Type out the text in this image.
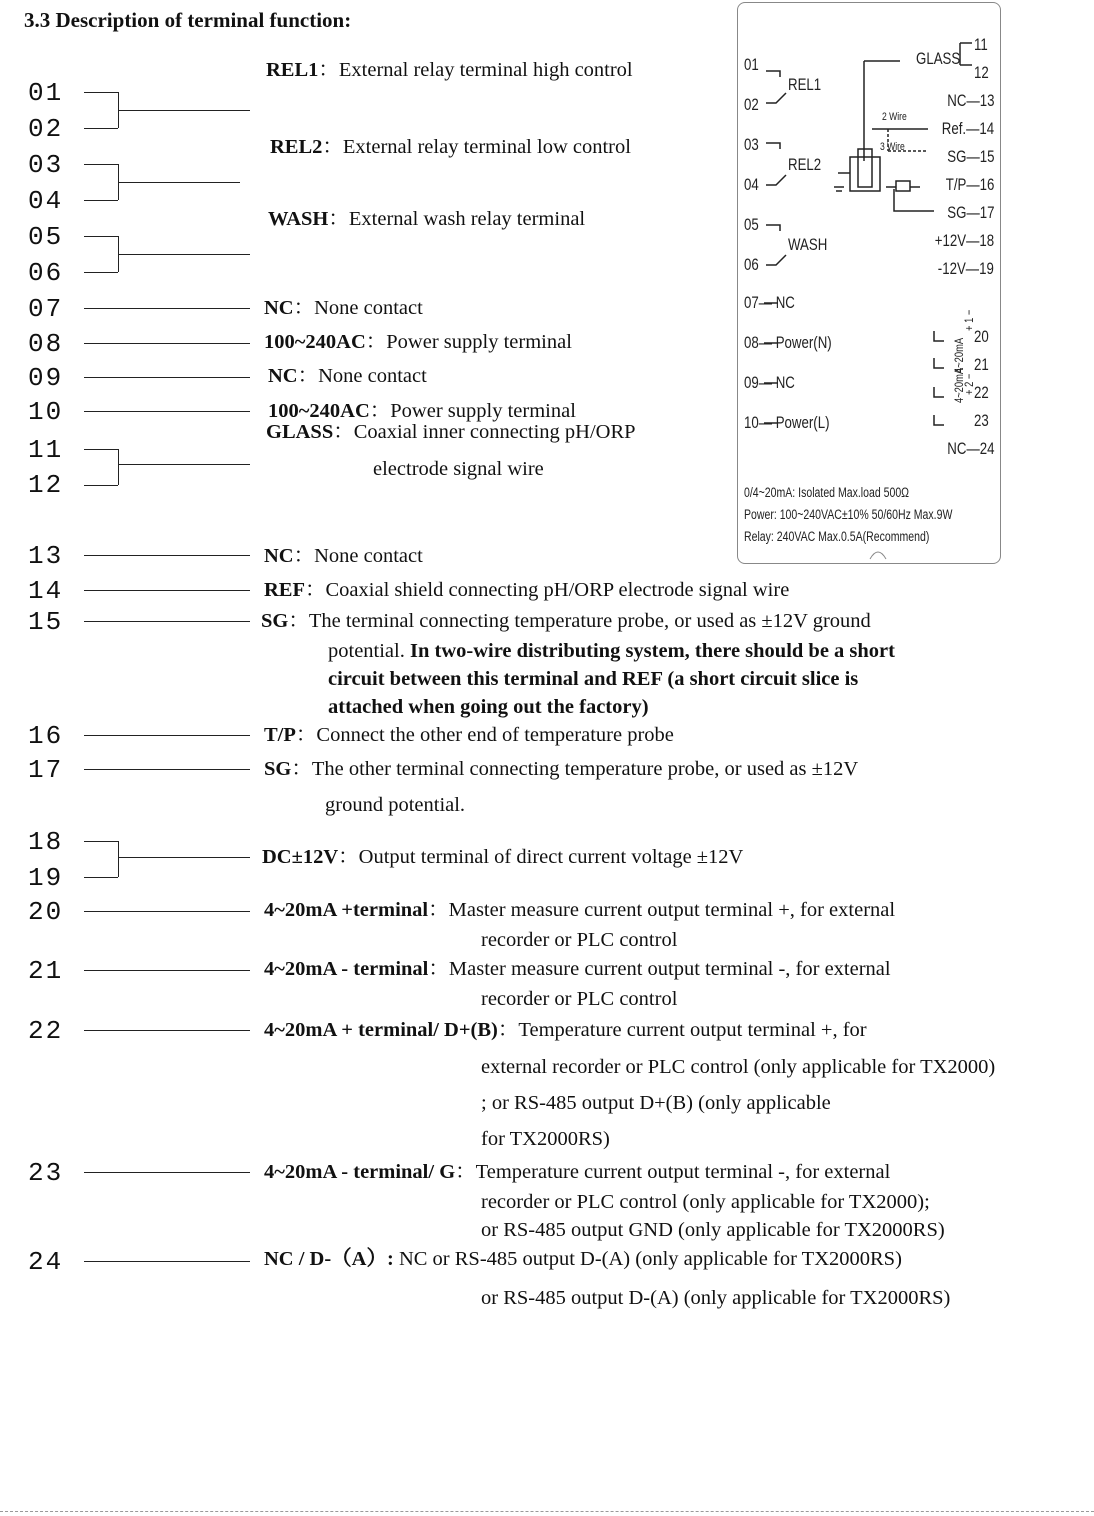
3.3 Description of terminal function:
01
02
03
04
05
06
07
08
09
10
11
12
13
14
15
16
17
18
19
20
21
22
23
24
REL1：External relay terminal high control
REL2：External relay terminal low control
WASH：External wash relay terminal
NC：None contact
100~240AC：Power supply terminal
NC：None contact
100~240AC：Power supply terminal
GLASS：Coaxial inner connecting pH/ORP
electrode signal wire
NC：None contact
REF：Coaxial shield connecting pH/ORP electrode signal wire
SG：The terminal connecting temperature probe, or used as ±12V ground
potential. In two-wire distributing system, there should be a short
circuit between this terminal and REF (a short circuit slice is
attached when going out the factory)
T/P：Connect the other end of temperature probe
SG：The other terminal connecting temperature probe, or used as ±12V
ground potential.
DC±12V：Output terminal of direct current voltage ±12V
4~20mA +terminal：Master measure current output terminal +, for external
recorder or PLC control
4~20mA - terminal：Master measure current output terminal -, for external
recorder or PLC control
4~20mA + terminal/ D+(B)：Temperature current output terminal +, for
external recorder or PLC control (only applicable for TX2000)
; or RS-485 output D+(B) (only applicable
for TX2000RS)
4~20mA - terminal/ G：Temperature current output terminal -, for external
recorder or PLC control (only applicable for TX2000);
or RS-485 output GND (only applicable for TX2000RS)
NC / D-（A）: NC or RS-485 output D-(A) (only applicable for TX2000RS)
or RS-485 output D-(A) (only applicable for TX2000RS)
01
02
03
04
05
06
07— NC
08— Power(N)
09— NC
10— Power(L)
REL1
REL2
WASH
GLASS
11
12
NC—13
Ref.—14
SG—15
T/P—16
SG—17
+12V—18
-12V—19
20
21
22
23
NC—24
2 Wire
3 Wire
4~20mA
4~20mA
+ 1 −
+ 2 −
0/4~20mA: Isolated Max.load 500Ω
Power: 100~240VAC±10% 50/60Hz Max.9W
Relay: 240VAC Max.0.5A(Recommend)
